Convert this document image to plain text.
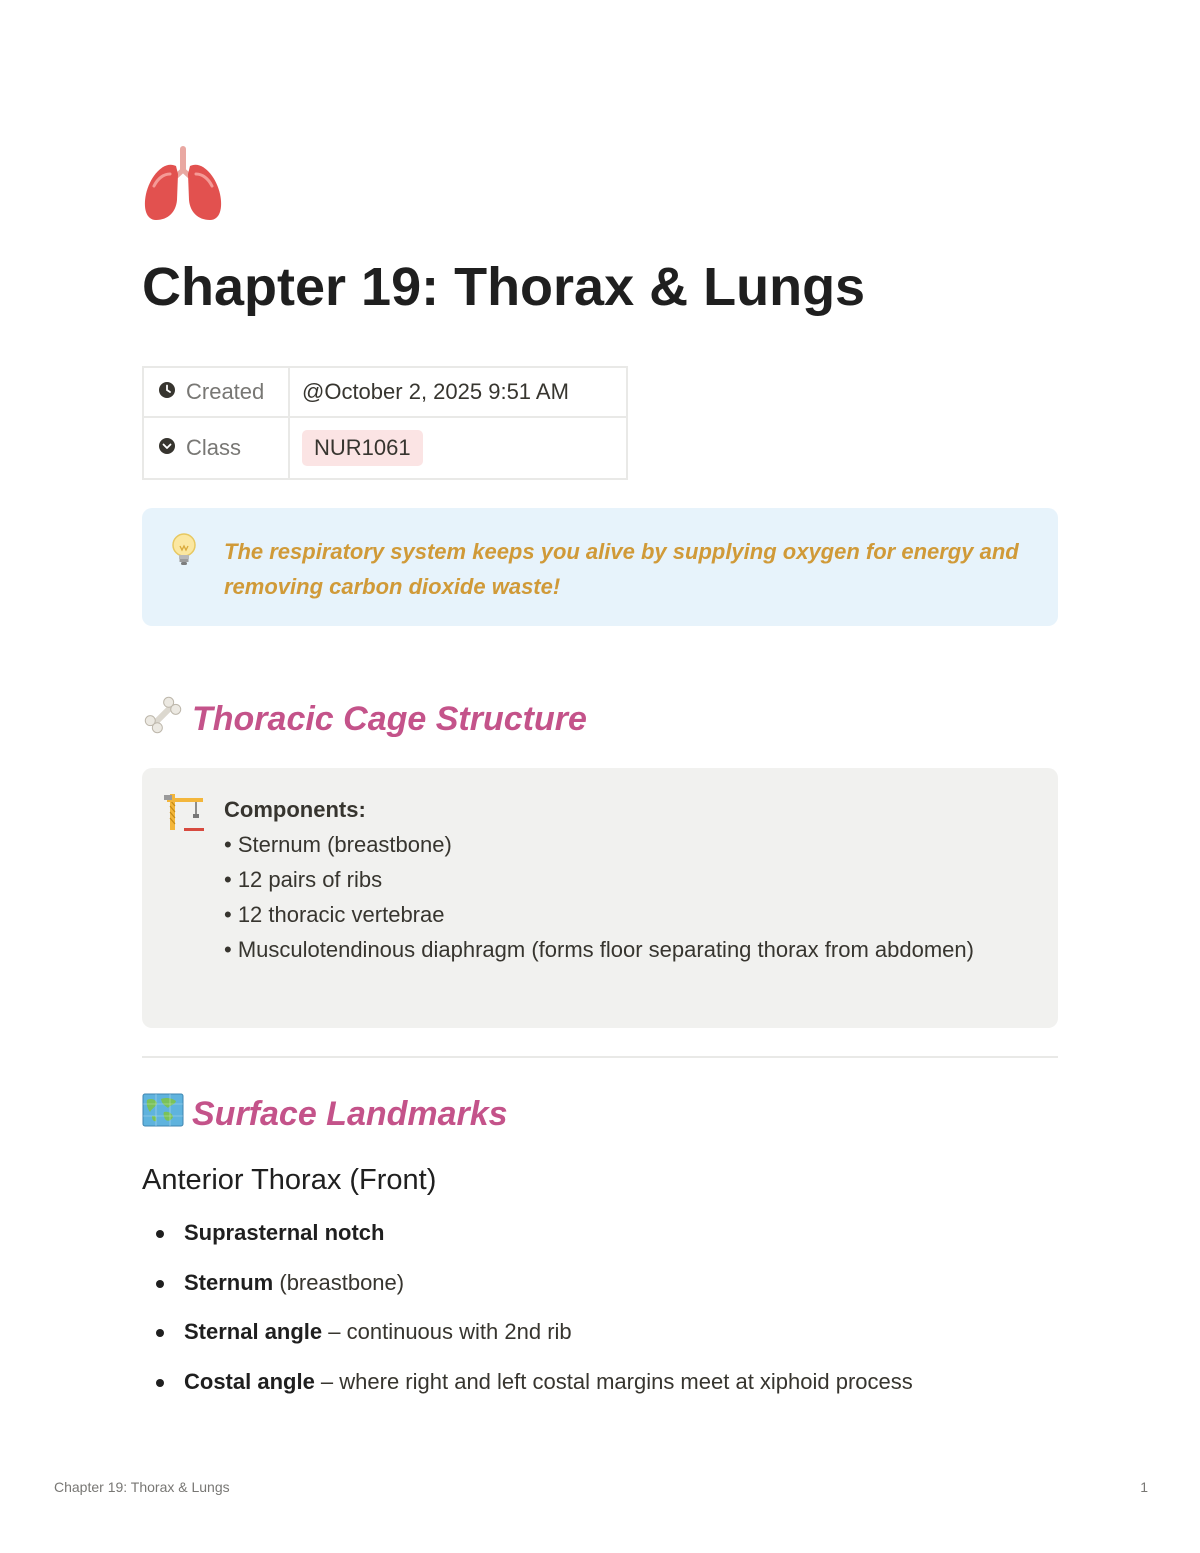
Chapter 19: Thorax & Lungs
Created	@October 2, 2025 9:51 AM

Class	NUR1061
The respiratory system keeps you alive by supplying oxygen for energy and removing carbon dioxide waste!
Thoracic Cage Structure
Components:
• Sternum (breastbone)
• 12 pairs of ribs
• 12 thoracic vertebrae
• Musculotendinous diaphragm (forms floor separating thorax from abdomen)
Surface Landmarks
Anterior Thorax (Front)
Suprasternal notch
Sternum (breastbone)
Sternal angle – continuous with 2nd rib
Costal angle – where right and left costal margins meet at xiphoid process
Chapter 19: Thorax & Lungs	1
